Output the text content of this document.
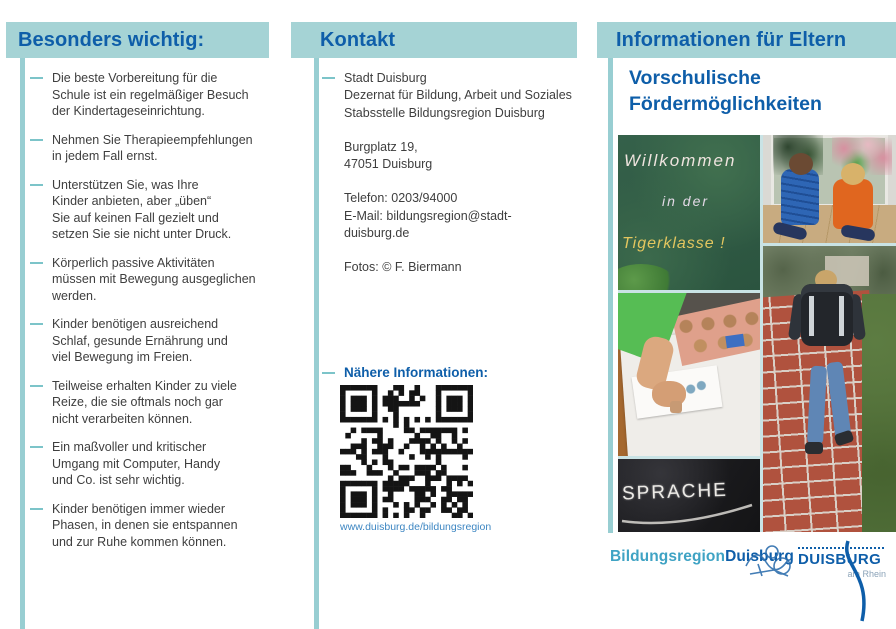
Besonders wichtig:	Kontakt	Informationen für Eltern
Die beste Vorbereitung für die
Schule ist ein regelmäßiger Besuch
der Kindertageseinrichtung.
Nehmen Sie Therapieempfehlungen
in jedem Fall ernst.
Unterstützen Sie, was Ihre
Kinder anbieten, aber „üben“
Sie auf keinen Fall gezielt und
setzen Sie sie nicht unter Druck.
Körperlich passive Aktivitäten
müssen mit Bewegung ausgeglichen
werden.
Kinder benötigen ausreichend
Schlaf, gesunde Ernährung und
viel Bewegung im Freien.
Teilweise erhalten Kinder zu viele
Reize, die sie oftmals noch gar
nicht verarbeiten können.
Ein maßvoller und kritischer
Umgang mit Computer, Handy
und Co. ist sehr wichtig.
Kinder benötigen immer wieder
Phasen, in denen sie entspannen
und zur Ruhe kommen können.
Stadt Duisburg
Dezernat für Bildung, Arbeit und Soziales
Stabsstelle Bildungsregion Duisburg
Burgplatz 19,
47051 Duisburg
Telefon: 0203/94000
E-Mail: bildungsregion@stadt-duisburg.de
Fotos: © F. Biermann
Nähere Informationen:
www.duisburg.de/bildungsregion
Vorschulische
Fördermöglichkeiten
Willkommen
in der
Tigerklasse !
SPRACHE
BildungsregionDuisburg DUISBURG
am Rhein
